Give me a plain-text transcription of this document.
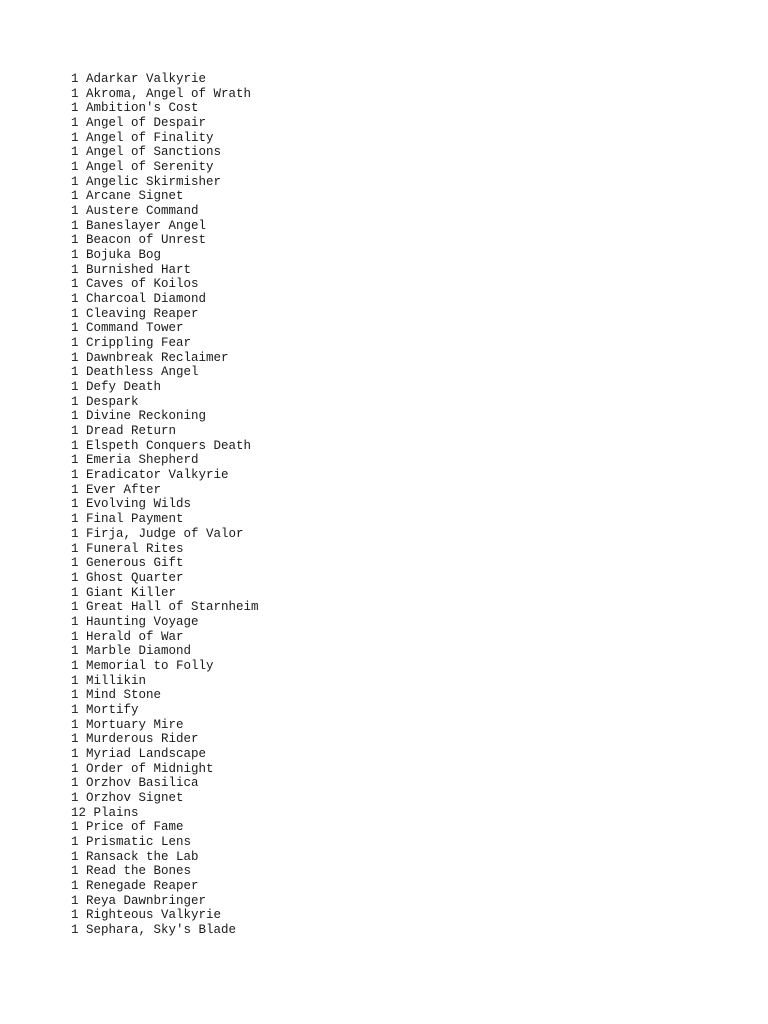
1 Adarkar Valkyrie
1 Akroma, Angel of Wrath
1 Ambition's Cost
1 Angel of Despair
1 Angel of Finality
1 Angel of Sanctions
1 Angel of Serenity
1 Angelic Skirmisher
1 Arcane Signet
1 Austere Command
1 Baneslayer Angel
1 Beacon of Unrest
1 Bojuka Bog
1 Burnished Hart
1 Caves of Koilos
1 Charcoal Diamond
1 Cleaving Reaper
1 Command Tower
1 Crippling Fear
1 Dawnbreak Reclaimer
1 Deathless Angel
1 Defy Death
1 Despark
1 Divine Reckoning
1 Dread Return
1 Elspeth Conquers Death
1 Emeria Shepherd
1 Eradicator Valkyrie
1 Ever After
1 Evolving Wilds
1 Final Payment
1 Firja, Judge of Valor
1 Funeral Rites
1 Generous Gift
1 Ghost Quarter
1 Giant Killer
1 Great Hall of Starnheim
1 Haunting Voyage
1 Herald of War
1 Marble Diamond
1 Memorial to Folly
1 Millikin
1 Mind Stone
1 Mortify
1 Mortuary Mire
1 Murderous Rider
1 Myriad Landscape
1 Order of Midnight
1 Orzhov Basilica
1 Orzhov Signet
12 Plains
1 Price of Fame
1 Prismatic Lens
1 Ransack the Lab
1 Read the Bones
1 Renegade Reaper
1 Reya Dawnbringer
1 Righteous Valkyrie
1 Sephara, Sky's Blade
